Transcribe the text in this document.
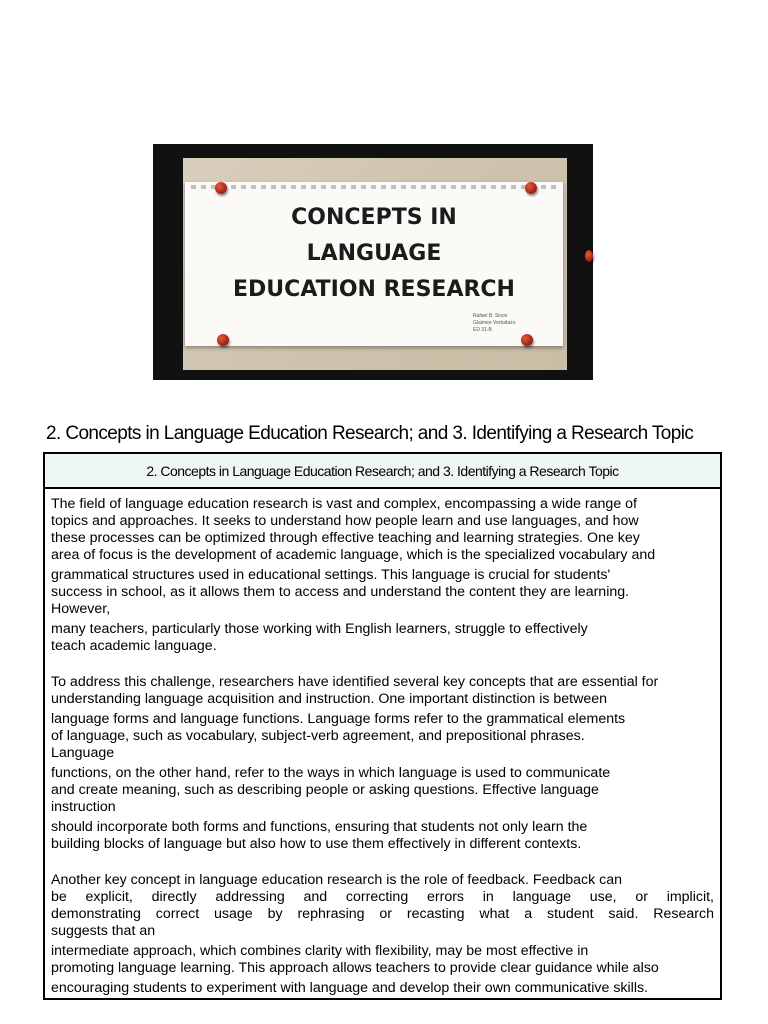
CONCEPTS IN
LANGUAGE
EDUCATION RESEARCH
Rafael B. Sison
Glaimee Vertudazo
ED 31-B
2. Concepts in Language Education Research; and 3. Identifying a Research Topic
2. Concepts in Language Education Research; and 3. Identifying a Research Topic

The field of language education research is vast and complex, encompassing a wide range of
topics and approaches. It seeks to understand how people learn and use languages, and how
these processes can be optimized through effective teaching and learning strategies. One key
area of focus is the development of academic language, which is the specialized vocabulary and
grammatical structures used in educational settings. This language is crucial for students'
success in school, as it allows them to access and understand the content they are learning.
However,
many teachers, particularly those working with English learners, struggle to effectively
teach academic language.

To address this challenge, researchers have identified several key concepts that are essential for
understanding language acquisition and instruction. One important distinction is between
language forms and language functions. Language forms refer to the grammatical elements
of language, such as vocabulary, subject-verb agreement, and prepositional phrases.
Language
functions, on the other hand, refer to the ways in which language is used to communicate
and create meaning, such as describing people or asking questions. Effective language
instruction
should incorporate both forms and functions, ensuring that students not only learn the
building blocks of language but also how to use them effectively in different contexts.

Another key concept in language education research is the role of feedback. Feedback can
be explicit, directly addressing and correcting errors in language use, or implicit,
demonstrating correct usage by rephrasing or recasting what a student said. Research
suggests that an
intermediate approach, which combines clarity with flexibility, may be most effective in
promoting language learning. This approach allows teachers to provide clear guidance while also
encouraging students to experiment with language and develop their own communicative skills.
